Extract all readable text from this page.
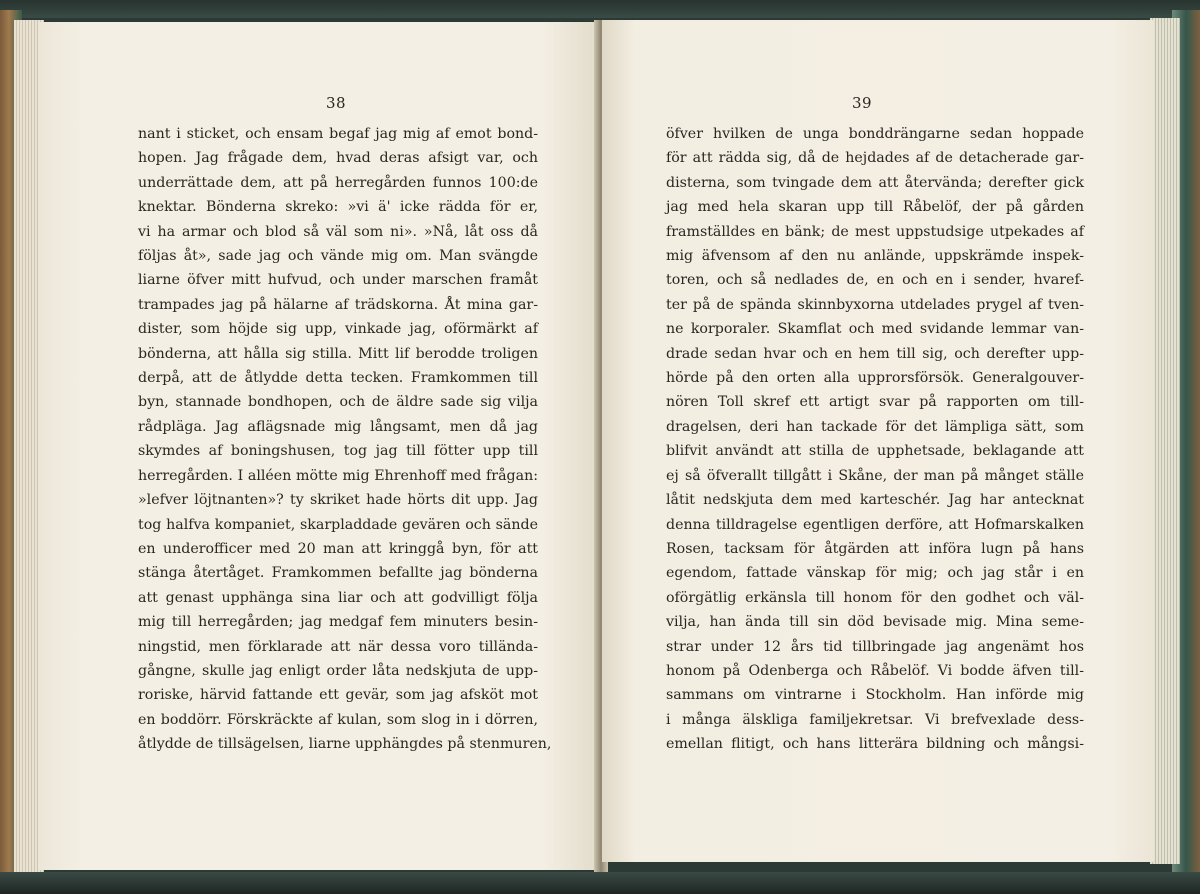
38
nant i sticket, och ensam begaf jag mig af emot bond-
hopen. Jag frågade dem, hvad deras afsigt var, och
underrättade dem, att på herregården funnos 100:de
knektar. Bönderna skreko: »vi ä' icke rädda för er,
vi ha armar och blod så väl som ni». »Nå, låt oss då
följas åt», sade jag och vände mig om. Man svängde
liarne öfver mitt hufvud, och under marschen framåt
trampades jag på hälarne af trädskorna. Åt mina gar-
dister, som höjde sig upp, vinkade jag, oförmärkt af
bönderna, att hålla sig stilla. Mitt lif berodde troligen
derpå, att de åtlydde detta tecken. Framkommen till
byn, stannade bondhopen, och de äldre sade sig vilja
rådpläga. Jag aflägsnade mig långsamt, men då jag
skymdes af boningshusen, tog jag till fötter upp till
herregården. I alléen mötte mig Ehrenhoff med frågan:
»lefver löjtnanten»? ty skriket hade hörts dit upp. Jag
tog halfva kompaniet, skarpladdade gevären och sände
en underofficer med 20 man att kringgå byn, för att
stänga återtåget. Framkommen befallte jag bönderna
att genast upphänga sina liar och att godvilligt följa
mig till herregården; jag medgaf fem minuters besin-
ningstid, men förklarade att när dessa voro tillända-
gångne, skulle jag enligt order låta nedskjuta de upp-
roriske, härvid fattande ett gevär, som jag afsköt mot
en boddörr. Förskräckte af kulan, som slog in i dörren,
åtlydde de tillsägelsen, liarne upphängdes på stenmuren,
39
öfver hvilken de unga bonddrängarne sedan hoppade
för att rädda sig, då de hejdades af de detacherade gar-
disterna, som tvingade dem att återvända; derefter gick
jag med hela skaran upp till Råbelöf, der på gården
framställdes en bänk; de mest uppstudsige utpekades af
mig äfvensom af den nu anlände, uppskrämde inspek-
toren, och så nedlades de, en och en i sender, hvaref-
ter på de spända skinnbyxorna utdelades prygel af tven-
ne korporaler. Skamflat och med svidande lemmar van-
drade sedan hvar och en hem till sig, och derefter upp-
hörde på den orten alla upprorsförsök. Generalgouver-
nören Toll skref ett artigt svar på rapporten om till-
dragelsen, deri han tackade för det lämpliga sätt, som
blifvit användt att stilla de upphetsade, beklagande att
ej så öfverallt tillgått i Skåne, der man på månget ställe
låtit nedskjuta dem med karteschér. Jag har antecknat
denna tilldragelse egentligen derföre, att Hofmarskalken
Rosen, tacksam för åtgärden att införa lugn på hans
egendom, fattade vänskap för mig; och jag står i en
oförgätlig erkänsla till honom för den godhet och väl-
vilja, han ända till sin död bevisade mig. Mina seme-
strar under 12 års tid tillbringade jag angenämt hos
honom på Odenberga och Råbelöf. Vi bodde äfven till-
sammans om vintrarne i Stockholm. Han införde mig
i många älskliga familjekretsar. Vi brefvexlade dess-
emellan flitigt, och hans litterära bildning och mångsi-
